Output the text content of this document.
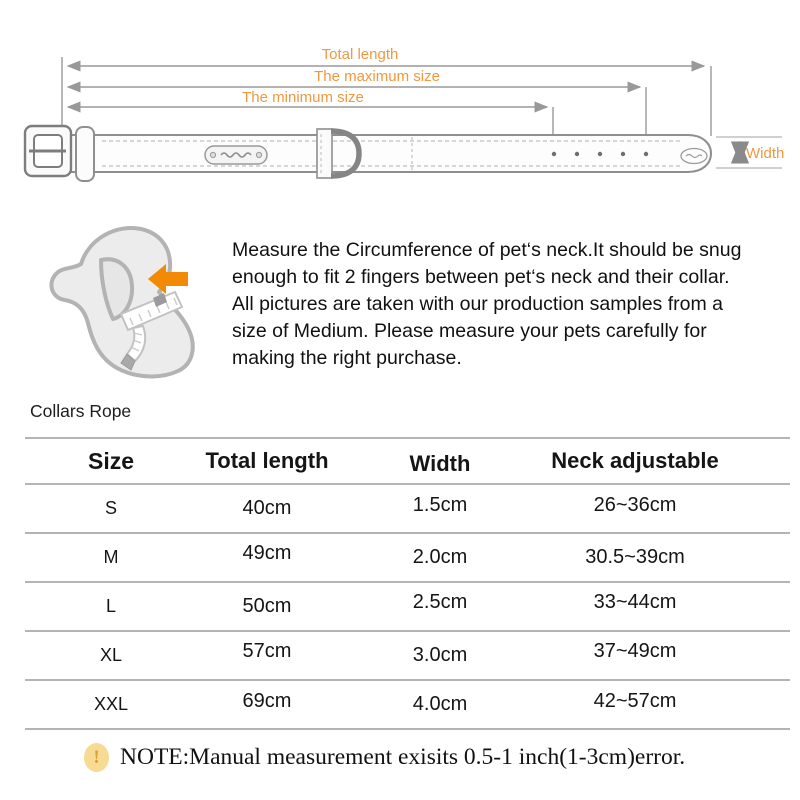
Total length
The maximum size
The minimum size
Width
Measure the Circumference of pet‘s neck.It should be snug
enough to fit 2 fingers between pet‘s neck and their collar.
All pictures are taken with our production samples from a
size of Medium. Please measure your pets carefully for
making the right purchase.
Collars Rope
Size	Total length	Width	Neck adjustable
S	40cm	1.5cm	26~36cm
M	49cm	2.0cm	30.5~39cm
L	50cm	2.5cm	33~44cm
XL	57cm	3.0cm	37~49cm
XXL	69cm	4.0cm	42~57cm
! NOTE:Manual measurement exisits 0.5-1 inch(1-3cm)error.
